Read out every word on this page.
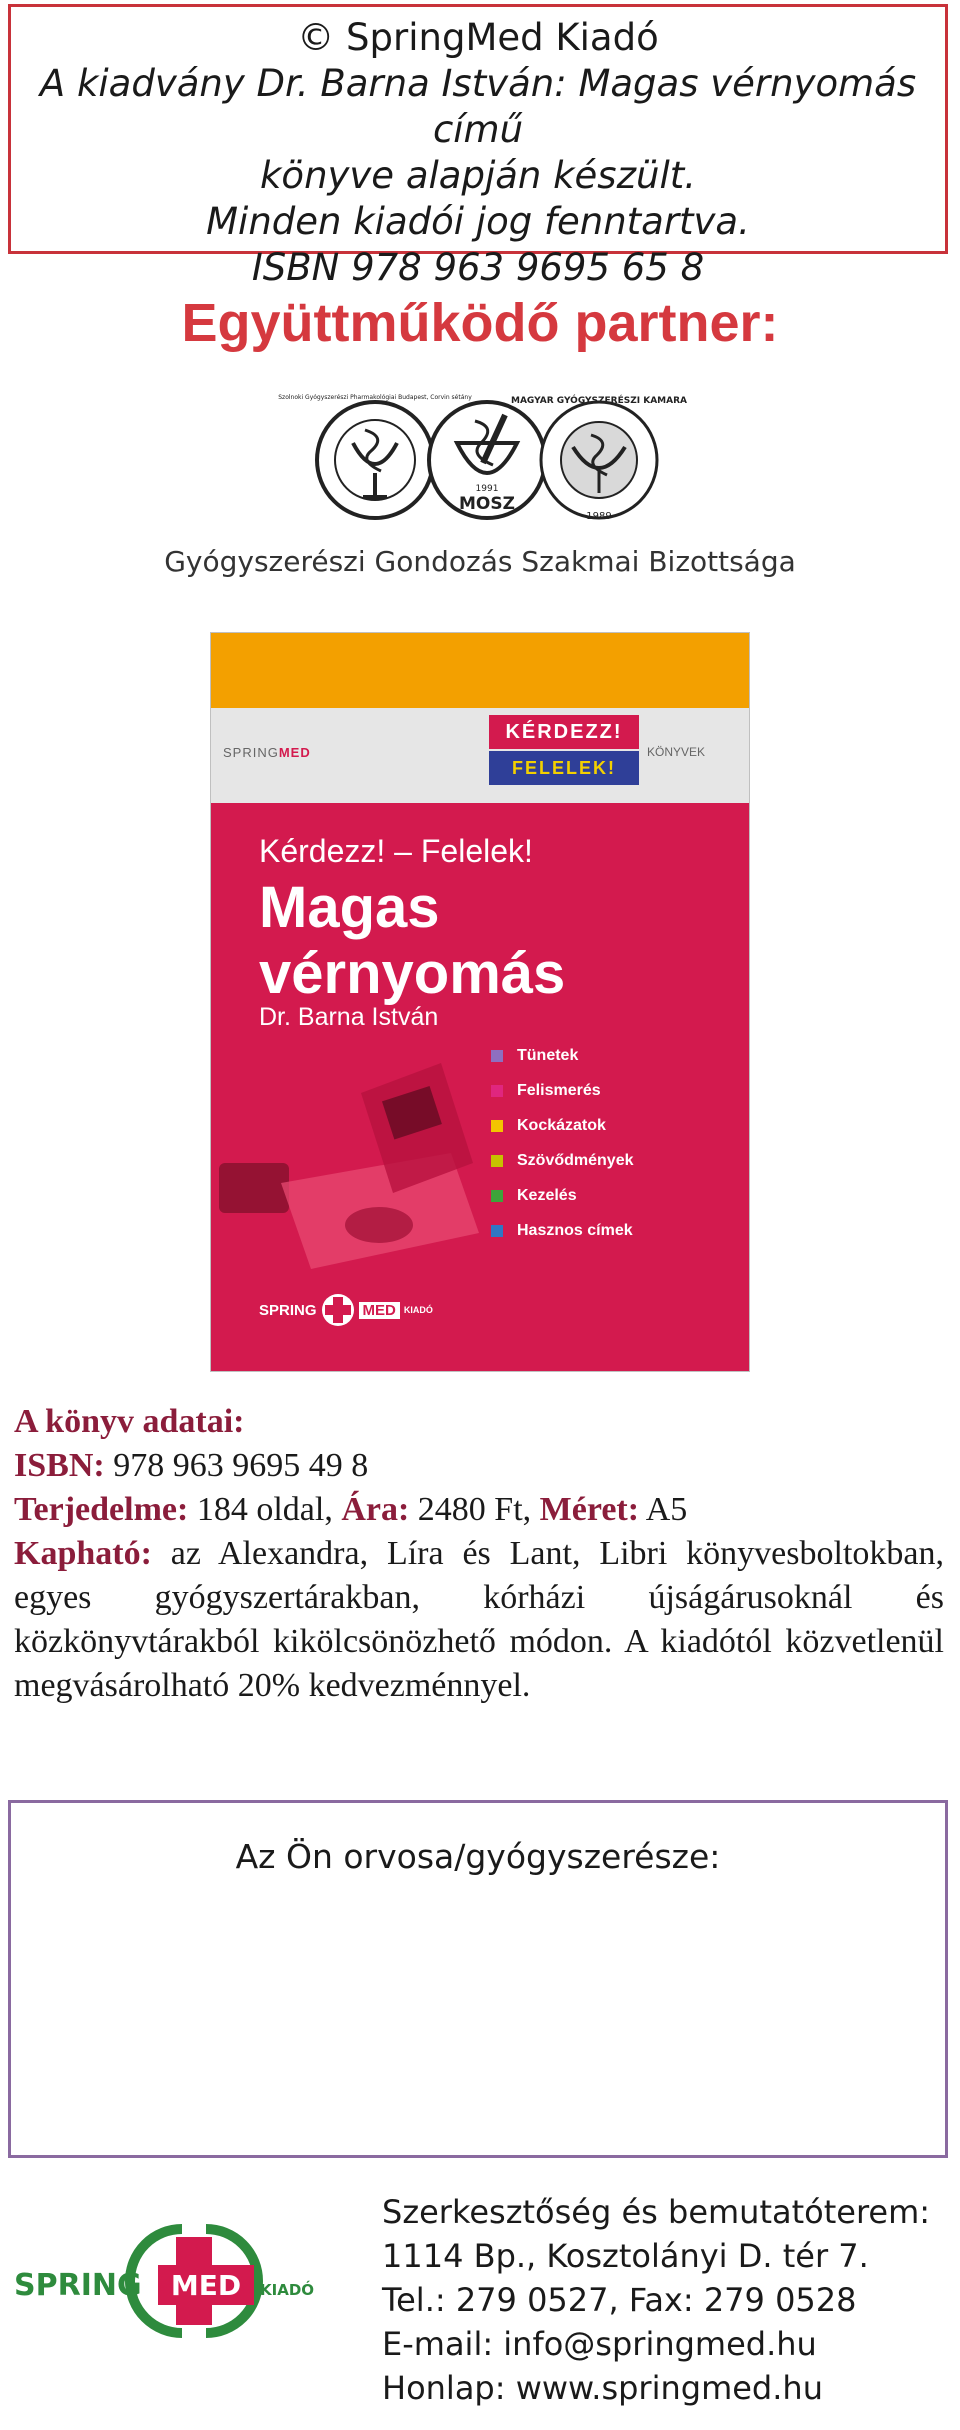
© SpringMed Kiadó
A kiadvány Dr. Barna István: Magas vérnyomás című
könyve alapján készült.
Minden kiadói jog fenntartva.
ISBN 978 963 9695 65 8
Együttműködő partner:
Szolnoki Gyógyszerészi Pharmakológiai Budapest, Corvin sétány
1991
MOSZ
MAGYAR GYÓGYSZERÉSZI KAMARA
1989
Gyógyszerészi Gondozás Szakmai Bizottsága
SPRINGMED	KÖNYVEK
KÉRDEZZ!
FELELEK!
Kérdezz! – Felelek!
Magas vérnyomás
Dr. Barna István
Tünetek
Felismerés
Kockázatok
Szövődmények
Kezelés
Hasznos címek
SPRING	MED KIADÓ
A könyv adatai:
ISBN: 978 963 9695 49 8
Terjedelme: 184 oldal, Ára: 2480 Ft, Méret: A5
Kapható: az Alexandra, Líra és Lant, Libri könyvesboltokban, egyes gyógyszertárakban, kórházi újságárusoknál és közkönyvtárakból kikölcsönözhető módon. A kiadótól közvetlenül megvásárolható 20% kedvezménnyel.
Az Ön orvosa/gyógyszerésze:
SPRING MED KIADÓ
Szerkesztőség és bemutatóterem:
1114 Bp., Kosztolányi D. tér 7.
Tel.: 279 0527, Fax: 279 0528
E-mail: info@springmed.hu
Honlap: www.springmed.hu
